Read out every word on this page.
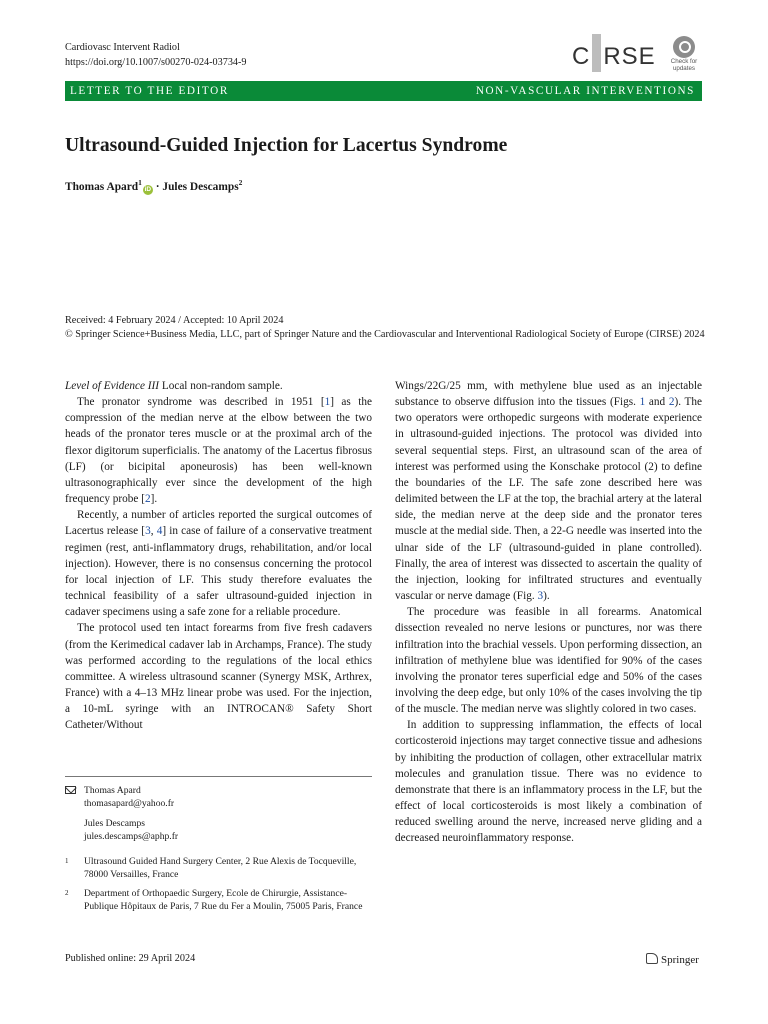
Cardiovasc Intervent Radiol
https://doi.org/10.1007/s00270-024-03734-9	C RSE	Check for
updates
LETTER TO THE EDITOR	NON-VASCULAR INTERVENTIONS
Ultrasound-Guided Injection for Lacertus Syndrome
Thomas Apard$^1$iD · Jules Descamps$^2$
Received: 4 February 2024 / Accepted: 10 April 2024
© Springer Science+Business Media, LLC, part of Springer Nature and the Cardiovascular and Interventional Radiological Society of Europe (CIRSE) 2024

Level of Evidence III Local non-random sample.

The pronator syndrome was described in 1951 [1] as the compression of the median nerve at the elbow between the two heads of the pronator teres muscle or at the proximal arch of the flexor digitorum superficialis. The anatomy of the Lacertus fibrosus (LF) (or bicipital aponeurosis) has been well-known ultrasonographically ever since the development of the high frequency probe [2].

Recently, a number of articles reported the surgical outcomes of Lacertus release [3, 4] in case of failure of a conservative treatment regimen (rest, anti-inflammatory drugs, rehabilitation, and/or local injection). However, there is no consensus concerning the protocol for local injection of LF. This study therefore evaluates the technical feasibility of a safer ultrasound-guided injection in cadaver specimens using a safe zone for a reliable procedure.

The protocol used ten intact forearms from five fresh cadavers (from the Kerimedical cadaver lab in Archamps, France). The study was performed according to the regulations of the local ethics committee. A wireless ultrasound scanner (Synergy MSK, Arthrex, France) with a 4–13 MHz linear probe was used. For the injection, a 10-mL syringe with an INTROCAN® Safety Short Catheter/Without

Wings/22G/25 mm, with methylene blue used as an injectable substance to observe diffusion into the tissues (Figs. 1 and 2). The two operators were orthopedic surgeons with moderate experience in ultrasound-guided injections. The protocol was divided into several sequential steps. First, an ultrasound scan of the area of interest was performed using the Konschake protocol (2) to define the boundaries of the LF. The safe zone described here was delimited between the LF at the top, the brachial artery at the lateral side, the median nerve at the deep side and the pronator teres muscle at the medial side. Then, a 22-G needle was inserted into the ulnar side of the LF (ultrasound-guided in plane controlled). Finally, the area of interest was dissected to ascertain the quality of the injection, looking for infiltrated structures and eventually vascular or nerve damage (Fig. 3).

The procedure was feasible in all forearms. Anatomical dissection revealed no nerve lesions or punctures, nor was there infiltration into the brachial vessels. Upon performing dissection, an infiltration of methylene blue was identified for 90% of the cases involving the pronator teres superficial edge and 50% of the cases involving the deep edge, but only 10% of the cases involving the tip of the muscle. The median nerve was slightly colored in two cases.

In addition to suppressing inflammation, the effects of local corticosteroid injections may target connective tissue and adhesions by inhibiting the production of collagen, other extracellular matrix molecules and granulation tissue. There was no evidence to demonstrate that there is an inflammatory process in the LF, but the effect of local corticosteroids is most likely a combination of reduced swelling around the nerve, increased nerve gliding and a decreased neuroinflammatory response.

Thomas Apard
thomasapard@yahoo.fr
Jules Descamps
jules.descamps@aphp.fr
1 Ultrasound Guided Hand Surgery Center, 2 Rue Alexis de Tocqueville, 78000 Versailles, France
2 Department of Orthopaedic Surgery, Ecole de Chirurgie, Assistance-Publique Hôpitaux de Paris, 7 Rue du Fer a Moulin, 75005 Paris, France
Published online: 29 April 2024	Springer
